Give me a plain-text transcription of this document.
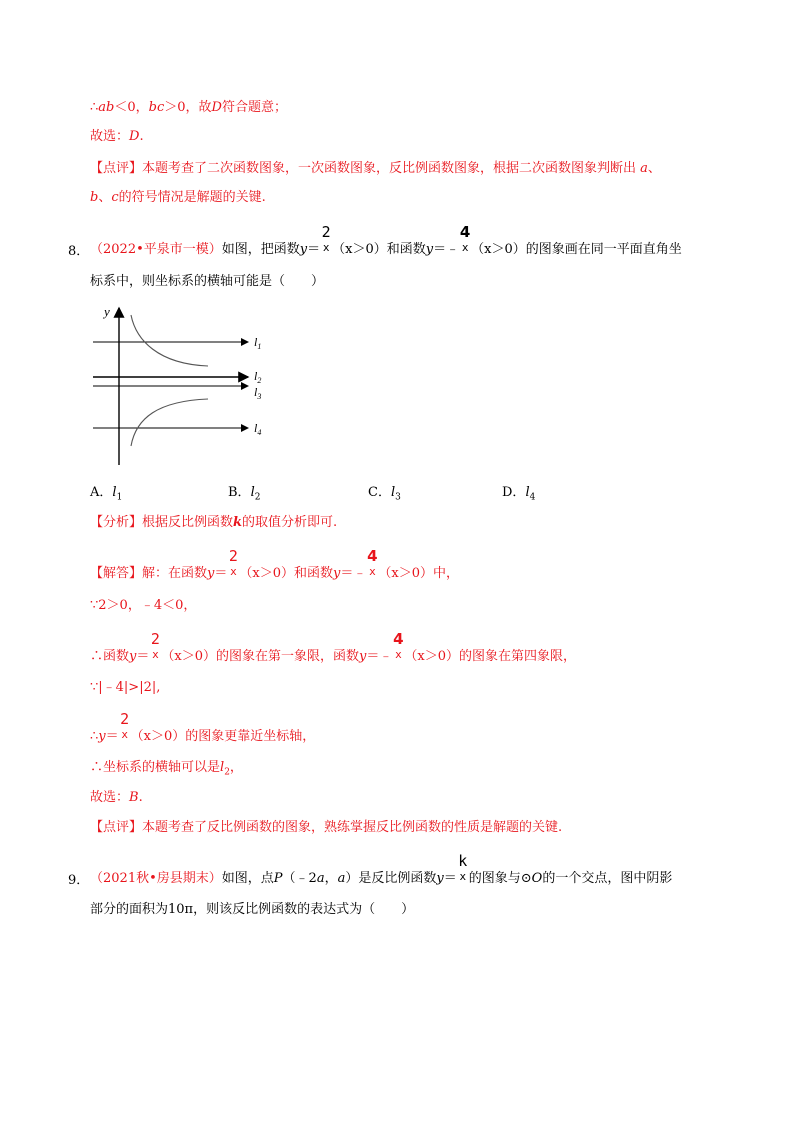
∴ab＜0，bc＞0，故D符合题意；
故选：D.
【点评】本题考查了二次函数图象，一次函数图象，反比例函数图象，根据二次函数图象判断出 a、
b、c的符号情况是解题的关键.
8． （2022•平泉市一模）如图，把函数y＝
2
x （x＞0）和函数y＝﹣
4
x （x＞0）的图象画在同一平面直角坐
标系中，则坐标系的横轴可能是（　　）
y
$l_1$
$l_2$
$l_3$
$l_4$
A．$l_1$	B．$l_2$	C．$l_3$	D．$l_4$
【分析】根据反比例函数k的取值分析即可.
【解答】解：在函数y＝
2
x （x＞0）和函数y＝﹣
4
x （x＞0）中，
∵2＞0，﹣4＜0，
∴函数y＝
2
x （x＞0）的图象在第一象限，函数y＝﹣
4
x （x＞0）的图象在第四象限，
∵|﹣4|>|2|,
∴y＝
2
x （x＞0）的图象更靠近坐标轴，
∴坐标系的横轴可以是$l_2$，
故选：B.
【点评】本题考查了反比例函数的图象，熟练掌握反比例函数的性质是解题的关键.
9． （2021秋•房县期末）如图，点P（﹣2a，a）是反比例函数y＝
k
x 的图象与⊙O的一个交点，图中阴影
部分的面积为10π，则该反比例函数的表达式为（　　）
